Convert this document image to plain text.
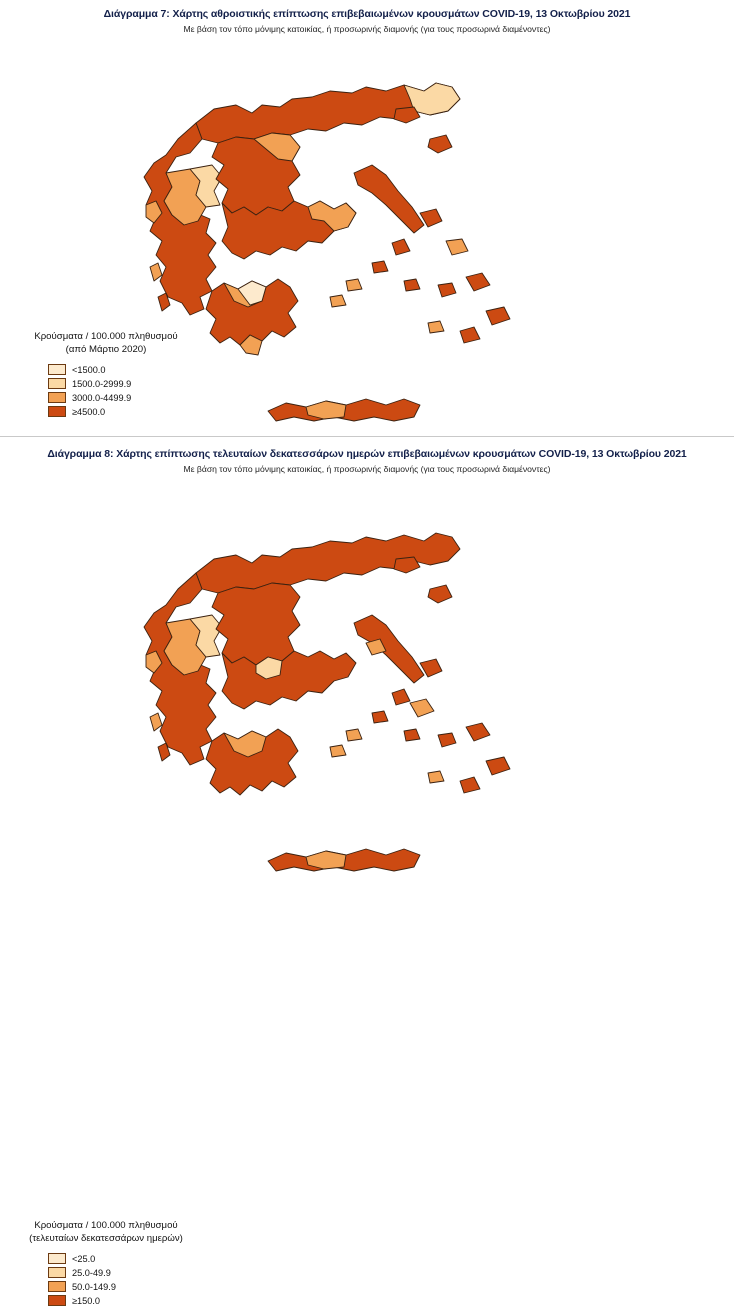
Διάγραμμα 7: Χάρτης αθροιστικής επίπτωσης επιβεβαιωμένων κρουσμάτων COVID-19, 13 Οκτωβρίου 2021
Με βάση τον τόπο μόνιμης κατοικίας, ή προσωρινής διαμονής (για τους προσωρινά διαμένοντες)
Κρούσματα / 100.000 πληθυσμού
(από Μάρτιο 2020)
<1500.0
1500.0-2999.9
3000.0-4499.9
≥4500.0
Διάγραμμα 8: Χάρτης επίπτωσης τελευταίων δεκατεσσάρων ημερών επιβεβαιωμένων κρουσμάτων COVID-19, 13 Οκτωβρίου 2021
Με βάση τον τόπο μόνιμης κατοικίας, ή προσωρινής διαμονής (για τους προσωρινά διαμένοντες)
Κρούσματα / 100.000 πληθυσμού
(τελευταίων δεκατεσσάρων ημερών)
<25.0
25.0-49.9
50.0-149.9
≥150.0
